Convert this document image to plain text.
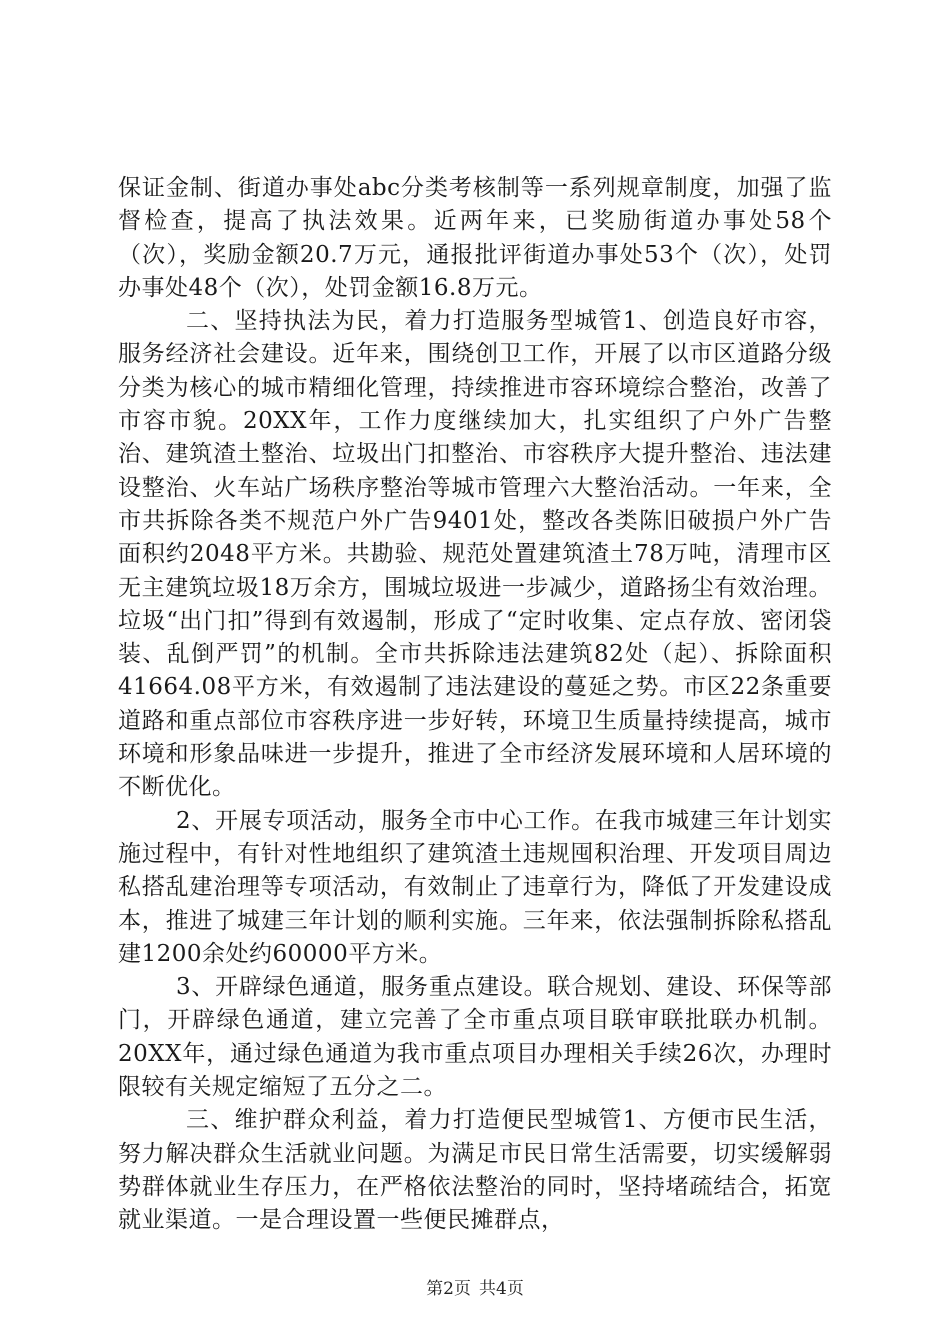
保证金制、街道办事处abc分类考核制等一系列规章制度，加强了监督检查，提高了执法效果。近两年来，已奖励街道办事处58个（次），奖励金额20.7万元，通报批评街道办事处53个（次），处罚办事处48个（次），处罚金额16.8万元。

二、坚持执法为民，着力打造服务型城管1、创造良好市容，服务经济社会建设。近年来，围绕创卫工作，开展了以市区道路分级分类为核心的城市精细化管理，持续推进市容环境综合整治，改善了市容市貌。20XX年，工作力度继续加大，扎实组织了户外广告整治、建筑渣土整治、垃圾出门扣整治、市容秩序大提升整治、违法建设整治、火车站广场秩序整治等城市管理六大整治活动。一年来，全市共拆除各类不规范户外广告9401处，整改各类陈旧破损户外广告面积约2048平方米。共勘验、规范处置建筑渣土78万吨，清理市区无主建筑垃圾18万余方，围城垃圾进一步减少，道路扬尘有效治理。垃圾“出门扣”得到有效遏制，形成了“定时收集、定点存放、密闭袋装、乱倒严罚”的机制。全市共拆除违法建筑82处（起）、拆除面积41664.08平方米，有效遏制了违法建设的蔓延之势。市区22条重要道路和重点部位市容秩序进一步好转，环境卫生质量持续提高，城市环境和形象品味进一步提升，推进了全市经济发展环境和人居环境的不断优化。

2、开展专项活动，服务全市中心工作。在我市城建三年计划实施过程中，有针对性地组织了建筑渣土违规囤积治理、开发项目周边私搭乱建治理等专项活动，有效制止了违章行为，降低了开发建设成本，推进了城建三年计划的顺利实施。三年来，依法强制拆除私搭乱建1200余处约60000平方米。

3、开辟绿色通道，服务重点建设。联合规划、建设、环保等部门，开辟绿色通道，建立完善了全市重点项目联审联批联办机制。20XX年，通过绿色通道为我市重点项目办理相关手续26次，办理时限较有关规定缩短了五分之二。

三、维护群众利益，着力打造便民型城管1、方便市民生活，努力解决群众生活就业问题。为满足市民日常生活需要，切实缓解弱势群体就业生存压力，在严格依法整治的同时，坚持堵疏结合，拓宽就业渠道。一是合理设置一些便民摊群点，

第2页 共4页
